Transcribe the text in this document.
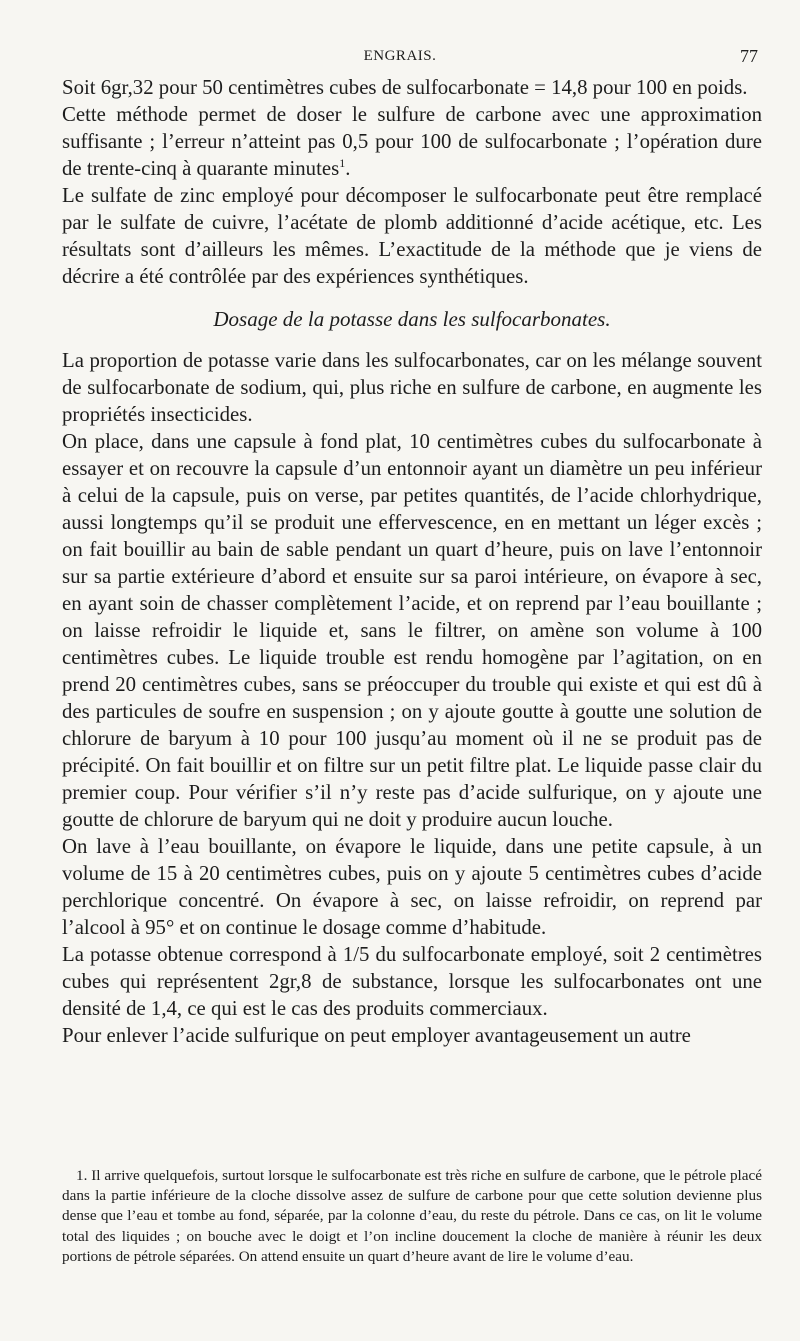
ENGRAIS.	77

Soit 6gr,32 pour 50 centimètres cubes de sulfocarbonate = 14,8 pour 100 en poids.

Cette méthode permet de doser le sulfure de carbone avec une approximation suffisante ; l’erreur n’atteint pas 0,5 pour 100 de sulfocarbonate ; l’opération dure de trente-cinq à quarante minutes$^1$.

Le sulfate de zinc employé pour décomposer le sulfocarbonate peut être remplacé par le sulfate de cuivre, l’acétate de plomb additionné d’acide acétique, etc. Les résultats sont d’ailleurs les mêmes. L’exactitude de la méthode que je viens de décrire a été contrôlée par des expériences synthétiques.

Dosage de la potasse dans les sulfocarbonates.

La proportion de potasse varie dans les sulfocarbonates, car on les mélange souvent de sulfocarbonate de sodium, qui, plus riche en sulfure de carbone, en augmente les propriétés insecticides.

On place, dans une capsule à fond plat, 10 centimètres cubes du sulfocarbonate à essayer et on recouvre la capsule d’un entonnoir ayant un diamètre un peu inférieur à celui de la capsule, puis on verse, par petites quantités, de l’acide chlorhydrique, aussi longtemps qu’il se produit une effervescence, en en mettant un léger excès ; on fait bouillir au bain de sable pendant un quart d’heure, puis on lave l’entonnoir sur sa partie extérieure d’abord et ensuite sur sa paroi intérieure, on évapore à sec, en ayant soin de chasser complètement l’acide, et on reprend par l’eau bouillante ; on laisse refroidir le liquide et, sans le filtrer, on amène son volume à 100 centimètres cubes. Le liquide trouble est rendu homogène par l’agitation, on en prend 20 centimètres cubes, sans se préoccuper du trouble qui existe et qui est dû à des particules de soufre en suspension ; on y ajoute goutte à goutte une solution de chlorure de baryum à 10 pour 100 jusqu’au moment où il ne se produit pas de précipité. On fait bouillir et on filtre sur un petit filtre plat. Le liquide passe clair du premier coup. Pour vérifier s’il n’y reste pas d’acide sulfurique, on y ajoute une goutte de chlorure de baryum qui ne doit y produire aucun louche.

On lave à l’eau bouillante, on évapore le liquide, dans une petite capsule, à un volume de 15 à 20 centimètres cubes, puis on y ajoute 5 centimètres cubes d’acide perchlorique concentré. On évapore à sec, on laisse refroidir, on reprend par l’alcool à 95° et on continue le dosage comme d’habitude.

La potasse obtenue correspond à 1/5 du sulfocarbonate employé, soit 2 centimètres cubes qui représentent 2gr,8 de substance, lorsque les sulfocarbonates ont une densité de 1,4, ce qui est le cas des produits commerciaux.

Pour enlever l’acide sulfurique on peut employer avantageusement un autre

1. Il arrive quelquefois, surtout lorsque le sulfocarbonate est très riche en sulfure de carbone, que le pétrole placé dans la partie inférieure de la cloche dissolve assez de sulfure de carbone pour que cette solution devienne plus dense que l’eau et tombe au fond, séparée, par la colonne d’eau, du reste du pétrole. Dans ce cas, on lit le volume total des liquides ; on bouche avec le doigt et l’on incline doucement la cloche de manière à réunir les deux portions de pétrole séparées. On attend ensuite un quart d’heure avant de lire le volume d’eau.
